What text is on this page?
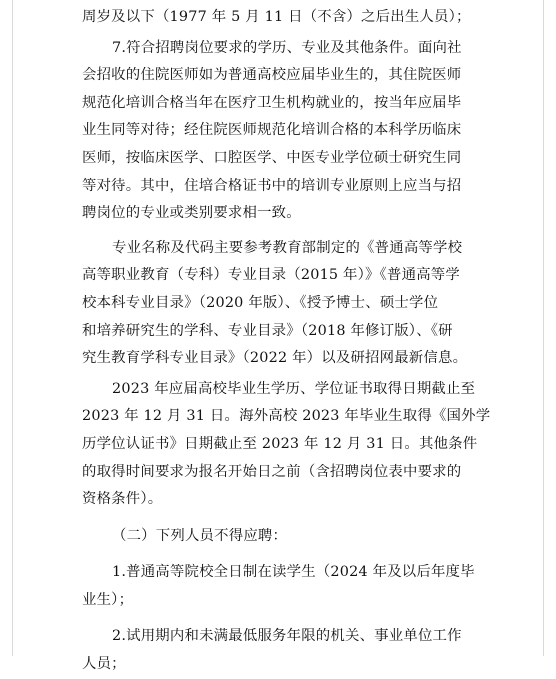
周岁及以下（1977 年 5 月 11 日（不含）之后出生人员）；
7.符合招聘岗位要求的学历、专业及其他条件。面向社
会招收的住院医师如为普通高校应届毕业生的，其住院医师
规范化培训合格当年在医疗卫生机构就业的，按当年应届毕
业生同等对待；经住院医师规范化培训合格的本科学历临床
医师，按临床医学、口腔医学、中医专业学位硕士研究生同
等对待。其中，住培合格证书中的培训专业原则上应当与招
聘岗位的专业或类别要求相一致。
专业名称及代码主要参考教育部制定的《普通高等学校
高等职业教育（专科）专业目录（2015 年）》《普通高等学
校本科专业目录》（2020 年版）、《授予博士、硕士学位
和培养研究生的学科、专业目录》（2018 年修订版）、《研
究生教育学科专业目录》（2022 年）以及研招网最新信息。
2023 年应届高校毕业生学历、学位证书取得日期截止至
2023 年 12 月 31 日。海外高校 2023 年毕业生取得《国外学
历学位认证书》日期截止至 2023 年 12 月 31 日。其他条件
的取得时间要求为报名开始日之前（含招聘岗位表中要求的
资格条件）。
（二）下列人员不得应聘：
1.普通高等院校全日制在读学生（2024 年及以后年度毕
业生）；
2.试用期内和未满最低服务年限的机关、事业单位工作
人员；
